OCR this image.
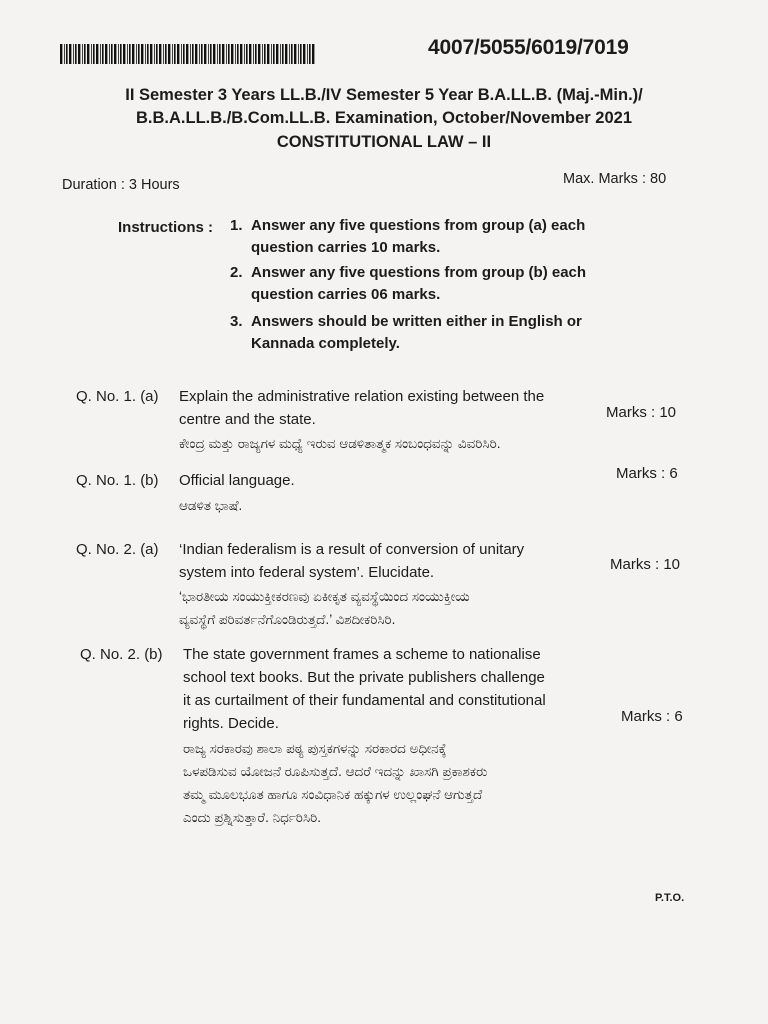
4007/5055/6019/7019
II Semester 3 Years LL.B./IV Semester 5 Year B.A.LL.B. (Maj.-Min.)/
B.B.A.LL.B./B.Com.LL.B. Examination, October/November 2021
CONSTITUTIONAL LAW – II
Duration : 3 Hours	Max. Marks : 80
Instructions : 1. Answer any five questions from group (a) each
question carries 10 marks.
2. Answer any five questions from group (b) each
question carries 06 marks.
3. Answers should be written either in English or
Kannada completely.
Q. No. 1. (a) Explain the administrative relation existing between the
centre and the state.
ಕೇಂದ್ರ ಮತ್ತು ರಾಜ್ಯಗಳ ಮಧ್ಯೆ ಇರುವ ಆಡಳಿತಾತ್ಮಕ ಸಂಬಂಧವನ್ನು ವಿವರಿಸಿರಿ.
Marks : 10
Q. No. 1. (b) Official language.
ಆಡಳಿತ ಭಾಷೆ.
Marks : 6
Q. No. 2. (a) ‘Indian federalism is a result of conversion of unitary
system into federal system’. Elucidate.
‘ಭಾರತೀಯ ಸಂಯುಕ್ತೀಕರಣವು ಏಕೀಕೃತ ವ್ಯವಸ್ಥೆಯಿಂದ ಸಂಯುಕ್ತೀಯ
ವ್ಯವಸ್ಥೆಗೆ ಪರಿವರ್ತನೆಗೊಂಡಿರುತ್ತದೆ.’ ವಿಶದೀಕರಿಸಿರಿ.
Marks : 10
Q. No. 2. (b) The state government frames a scheme to nationalise
school text books. But the private publishers challenge
it as curtailment of their fundamental and constitutional
rights. Decide.
ರಾಜ್ಯ ಸರಕಾರವು ಶಾಲಾ ಪಠ್ಯ ಪುಸ್ತಕಗಳನ್ನು ಸರಕಾರದ ಅಧೀನಕ್ಕೆ
ಒಳಪಡಿಸುವ ಯೋಜನೆ ರೂಪಿಸುತ್ತದೆ. ಆದರೆ ಇದನ್ನು ಖಾಸಗಿ ಪ್ರಕಾಶಕರು
ತಮ್ಮ ಮೂಲಭೂತ ಹಾಗೂ ಸಂವಿಧಾನಿಕ ಹಕ್ಕುಗಳ ಉಲ್ಲಂಘನೆ ಆಗುತ್ತದೆ
ಎಂದು ಪ್ರಶ್ನಿಸುತ್ತಾರೆ. ನಿರ್ಧರಿಸಿರಿ.
Marks : 6
P.T.O.
